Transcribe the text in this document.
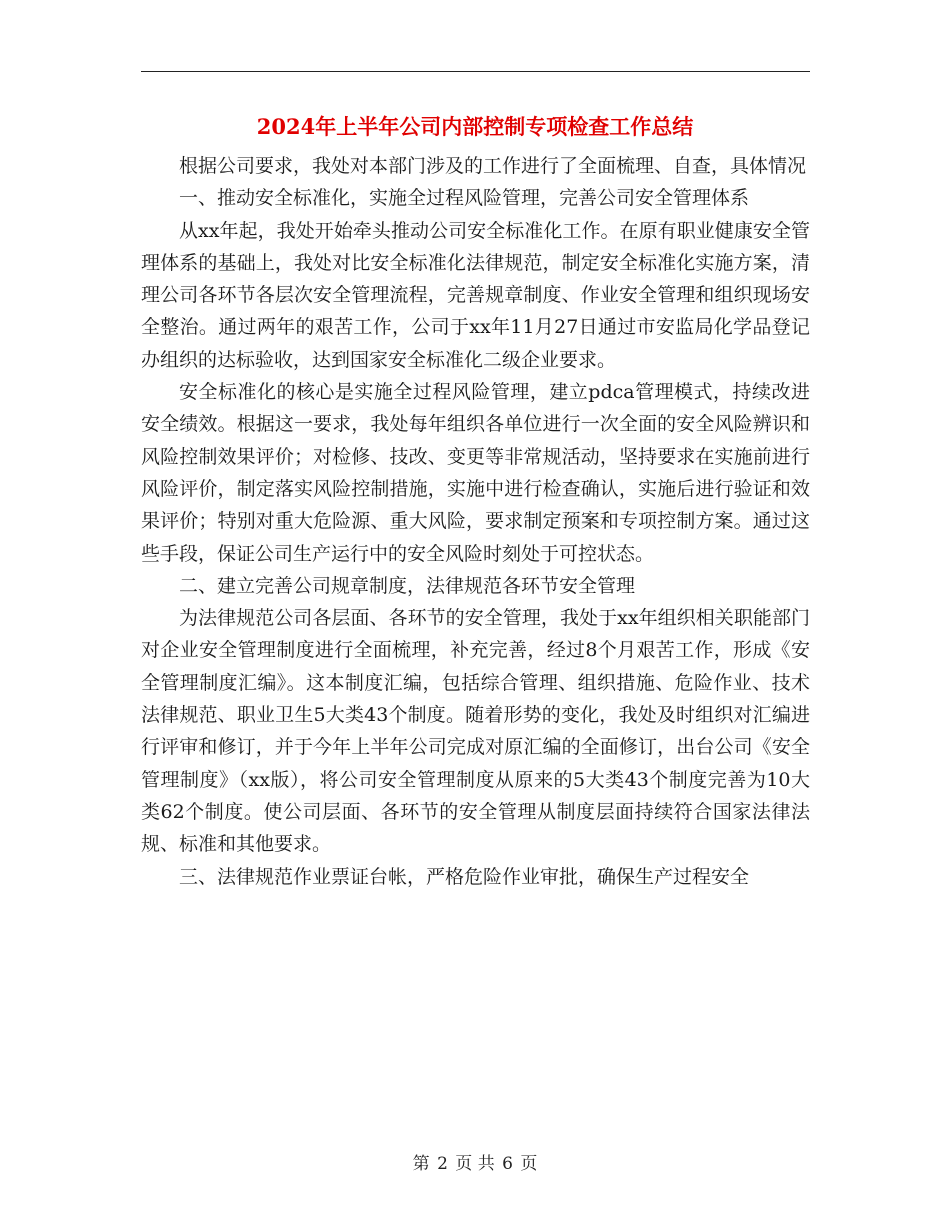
2024年上半年公司内部控制专项检查工作总结

根据公司要求，我处对本部门涉及的工作进行了全面梳理、自查，具体情况

一、推动安全标准化，实施全过程风险管理，完善公司安全管理体系

从xx年起，我处开始牵头推动公司安全标准化工作。在原有职业健康安全管理体系的基础上，我处对比安全标准化法律规范，制定安全标准化实施方案，清理公司各环节各层次安全管理流程，完善规章制度、作业安全管理和组织现场安全整治。通过两年的艰苦工作，公司于xx年11月27日通过市安监局化学品登记办组织的达标验收，达到国家安全标准化二级企业要求。

安全标准化的核心是实施全过程风险管理，建立pdca管理模式，持续改进安全绩效。根据这一要求，我处每年组织各单位进行一次全面的安全风险辨识和风险控制效果评价；对检修、技改、变更等非常规活动，坚持要求在实施前进行风险评价，制定落实风险控制措施，实施中进行检查确认，实施后进行验证和效果评价；特别对重大危险源、重大风险，要求制定预案和专项控制方案。通过这些手段，保证公司生产运行中的安全风险时刻处于可控状态。

二、建立完善公司规章制度，法律规范各环节安全管理

为法律规范公司各层面、各环节的安全管理，我处于xx年组织相关职能部门对企业安全管理制度进行全面梳理，补充完善，经过8个月艰苦工作，形成《安全管理制度汇编》。这本制度汇编，包括综合管理、组织措施、危险作业、技术法律规范、职业卫生5大类43个制度。随着形势的变化，我处及时组织对汇编进行评审和修订，并于今年上半年公司完成对原汇编的全面修订，出台公司《安全管理制度》（xx版），将公司安全管理制度从原来的5大类43个制度完善为10大类62个制度。使公司层面、各环节的安全管理从制度层面持续符合国家法律法规、标准和其他要求。

三、法律规范作业票证台帐，严格危险作业审批，确保生产过程安全

第 2 页 共 6 页
